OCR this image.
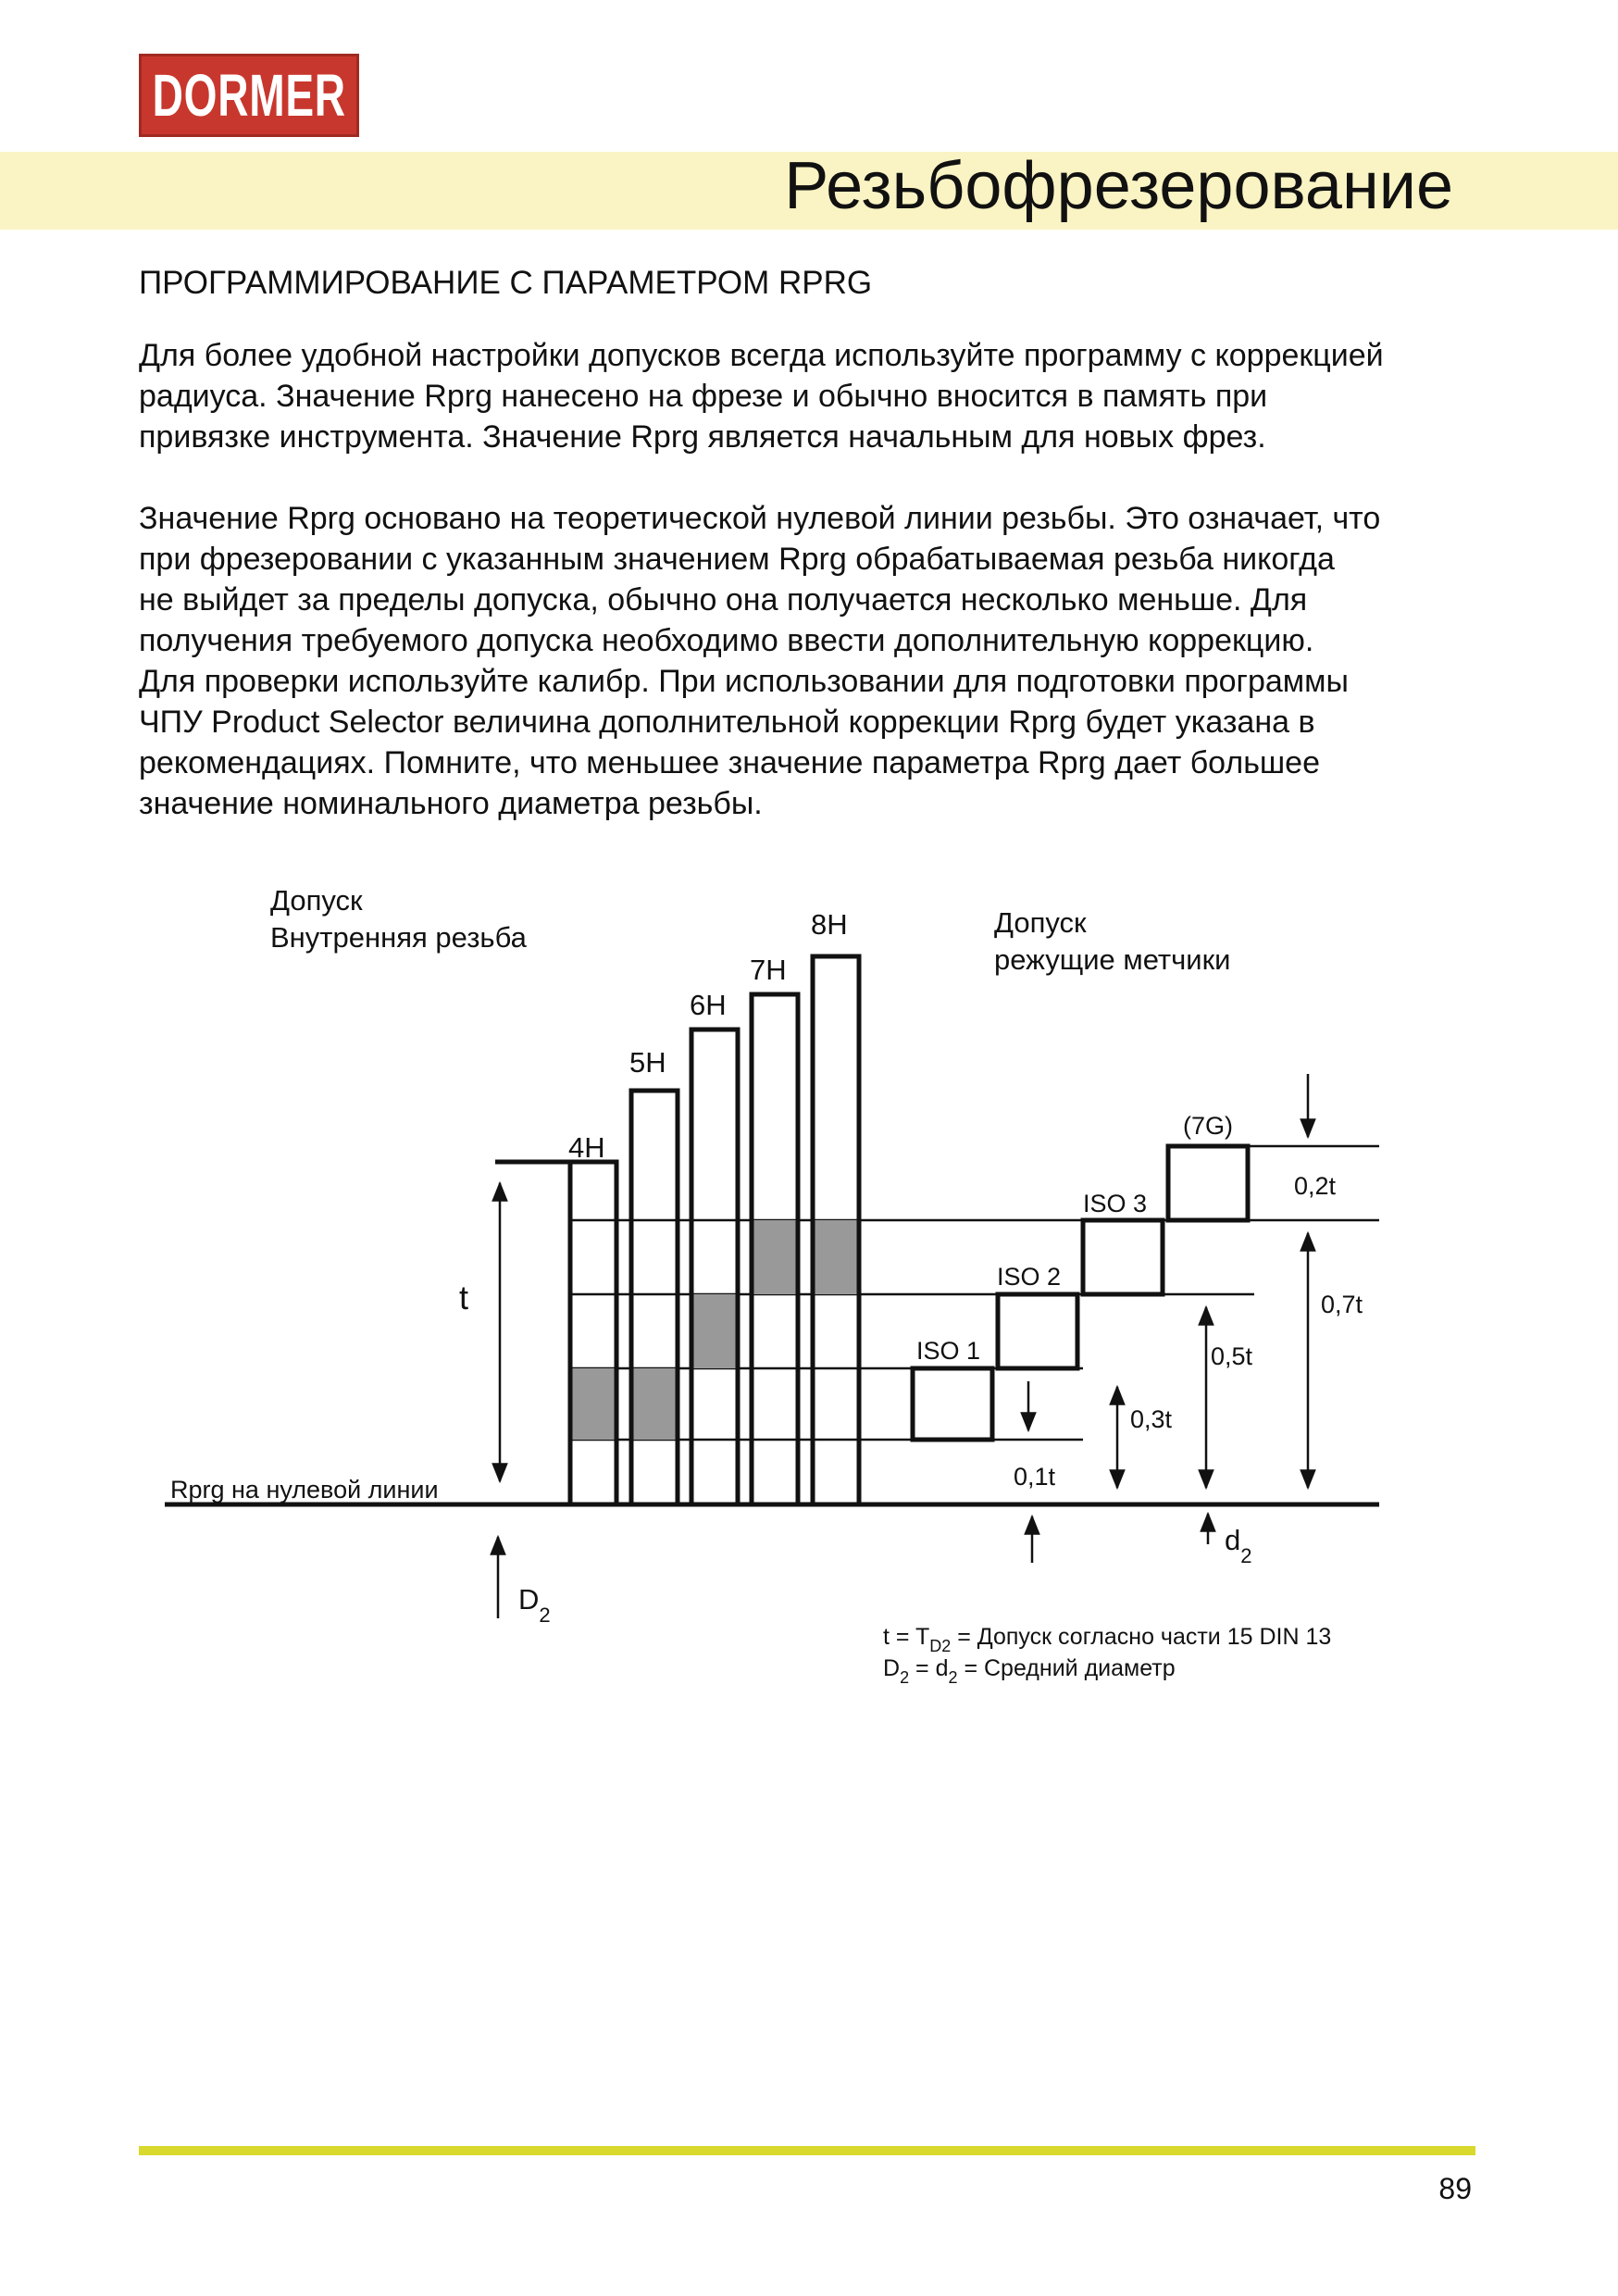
DORMER
Резьбофрезерование
ПРОГРАММИРОВАНИЕ С ПАРАМЕТРОМ RPRG

Для более удобной настройки допусков всегда используйте программу с коррекцией
радиуса. Значение Rprg нанесено на фрезе и обычно вносится в память при
привязке инструмента. Значение Rprg является начальным для новых фрез.

Значение Rprg основано на теоретической нулевой линии резьбы. Это означает, что
при фрезеровании с указанным значением Rprg обрабатываемая резьба никогда
не выйдет за пределы допуска, обычно она получается несколько меньше. Для
получения требуемого допуска необходимо ввести дополнительную коррекцию.
Для проверки используйте калибр. При использовании для подготовки программы
ЧПУ Product Selector величина дополнительной коррекции Rprg будет указана в
рекомендациях. Помните, что меньшее значение параметра Rprg дает большее
значение номинального диаметра резьбы.

Допуск
Внутренняя резьба	Допуск
режущие метчики
4H
5H
6H
7H
8H
ISO 1
ISO 2
ISO 3
(7G)
t
Rprg на нулевой линии	0,1t
0,3t
0,5t
0,7t
0,2t
$d_2$
$D_2$
$t = T_{D2}$ = Допуск согласно части 15 DIN 13
$D_2 = d_2$ = Средний диаметр
89
